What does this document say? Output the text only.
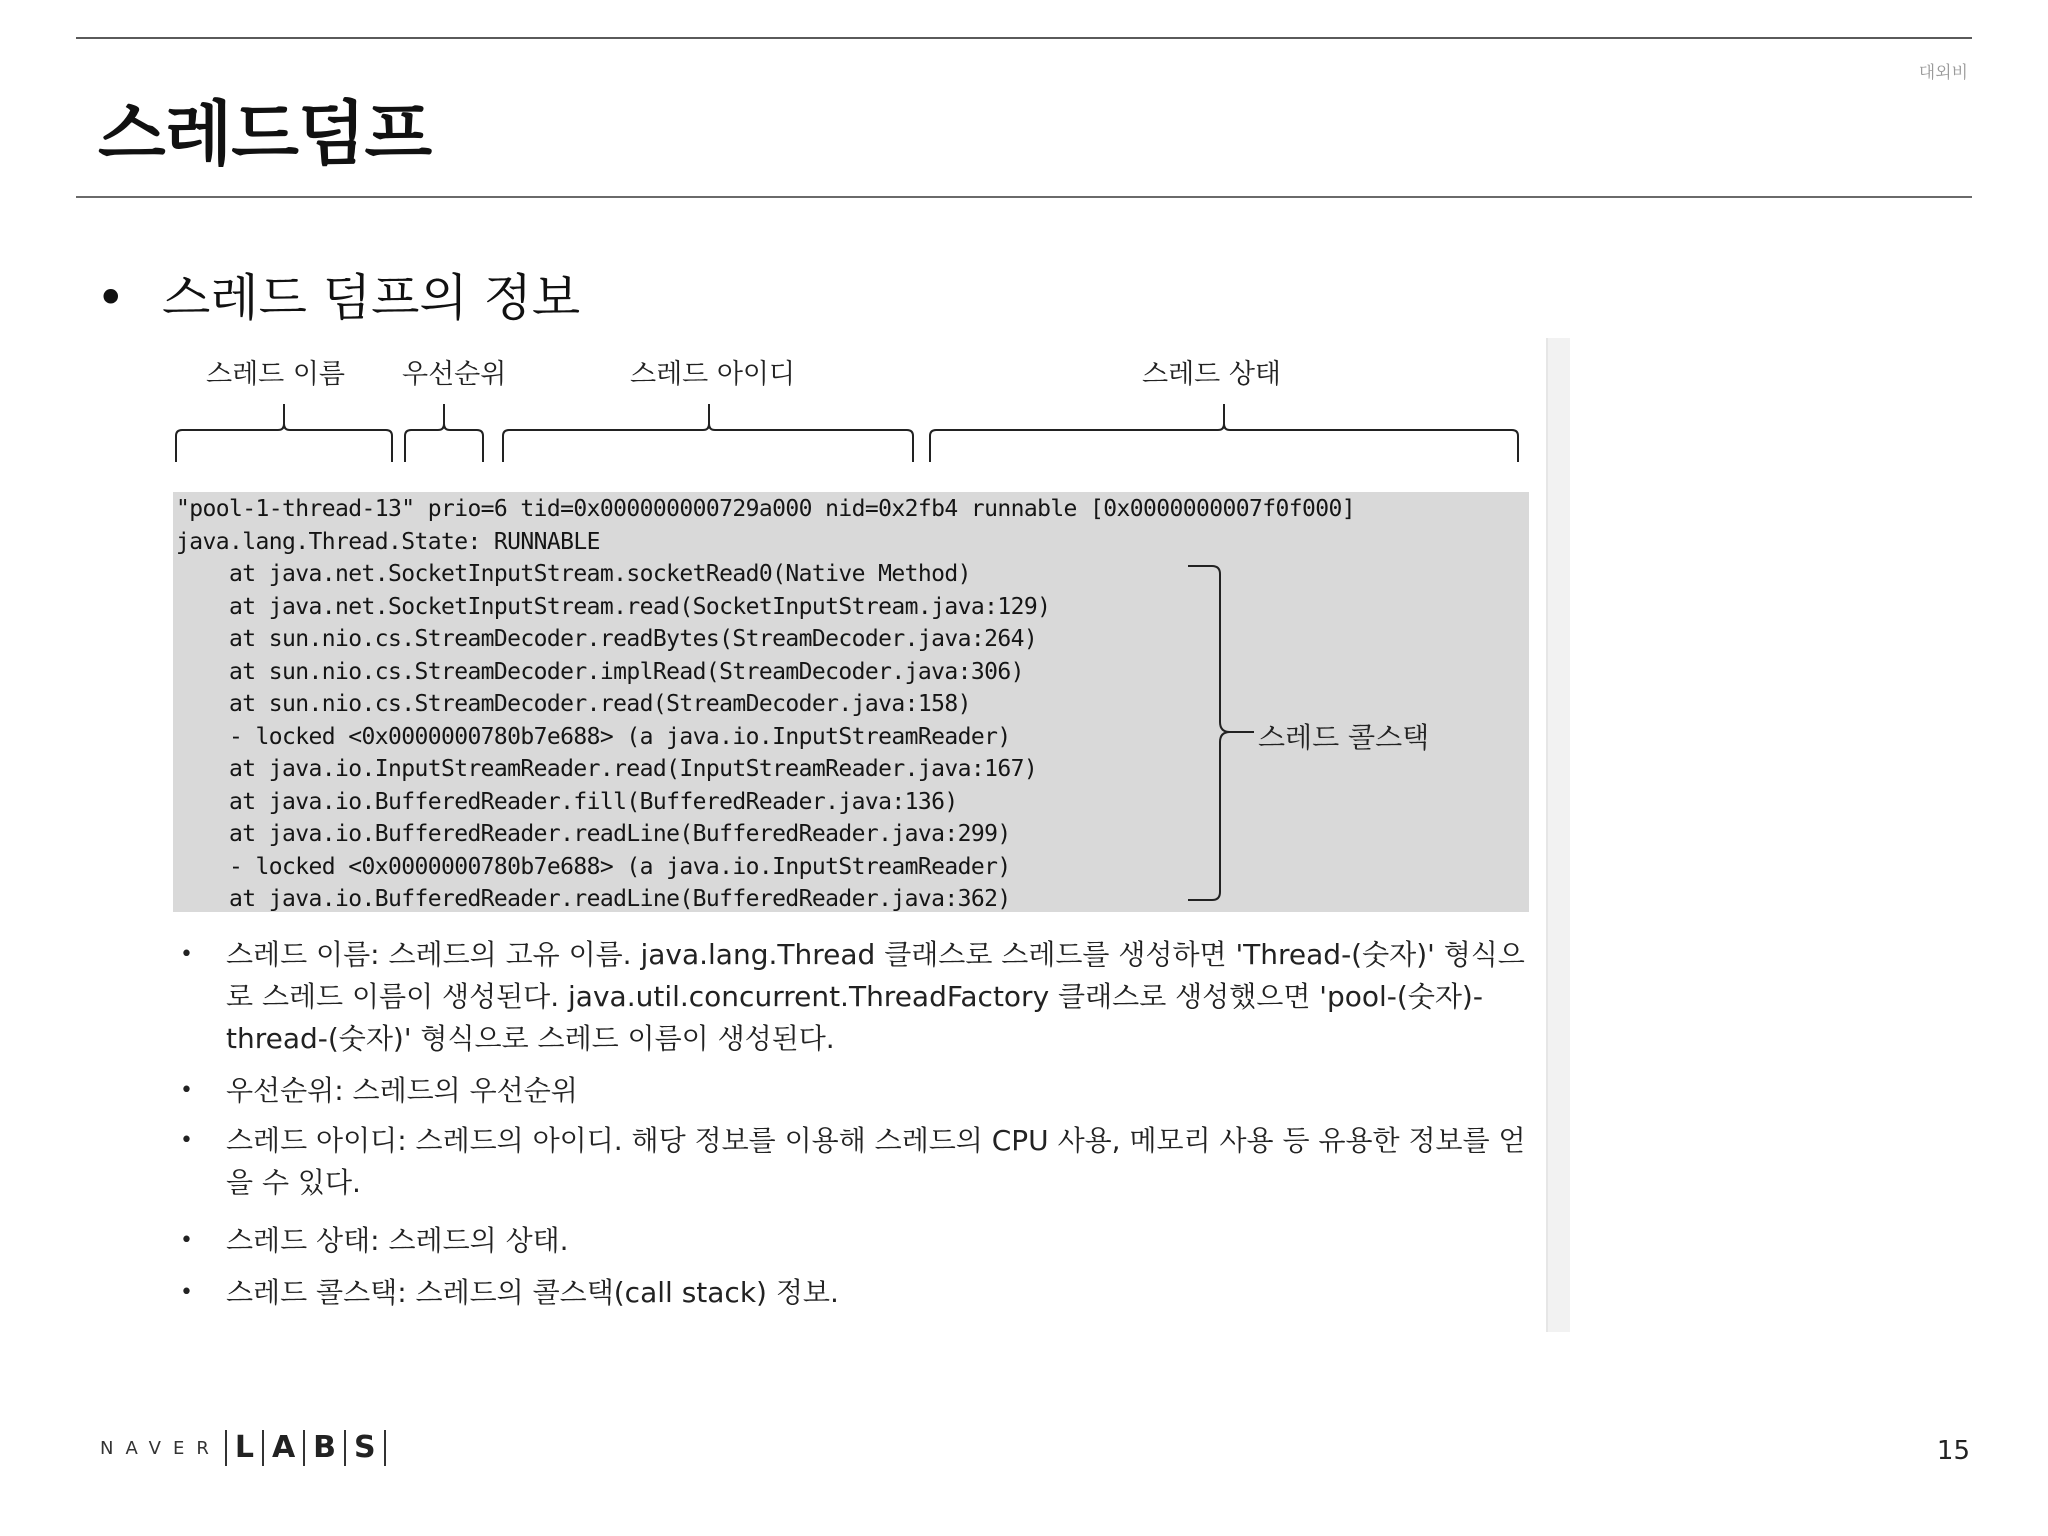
대외비
스레드덤프
• 스레드 덤프의 정보
스레드 이름 우선순위	스레드 아이디	스레드 상태
"pool-1-thread-13" prio=6 tid=0x000000000729a000 nid=0x2fb4 runnable [0x0000000007f0f000]
java.lang.Thread.State: RUNNABLE
at java.net.SocketInputStream.socketRead0(Native Method)
at java.net.SocketInputStream.read(SocketInputStream.java:129)
at sun.nio.cs.StreamDecoder.readBytes(StreamDecoder.java:264)
at sun.nio.cs.StreamDecoder.implRead(StreamDecoder.java:306)
at sun.nio.cs.StreamDecoder.read(StreamDecoder.java:158)
- locked <0x0000000780b7e688> (a java.io.InputStreamReader)
at java.io.InputStreamReader.read(InputStreamReader.java:167)
at java.io.BufferedReader.fill(BufferedReader.java:136)
at java.io.BufferedReader.readLine(BufferedReader.java:299)
- locked <0x0000000780b7e688> (a java.io.InputStreamReader)
at java.io.BufferedReader.readLine(BufferedReader.java:362)
스레드 콜스택
• 스레드 이름: 스레드의 고유 이름. java.lang.Thread 클래스로 스레드를 생성하면 'Thread-(숫자)' 형식으로 스레드 이름이 생성된다. java.util.concurrent.ThreadFactory 클래스로 생성했으면 'pool-(숫자)-thread-(숫자)' 형식으로 스레드 이름이 생성된다.
• 우선순위: 스레드의 우선순위
• 스레드 아이디: 스레드의 아이디. 해당 정보를 이용해 스레드의 CPU 사용, 메모리 사용 등 유용한 정보를 얻을 수 있다.
• 스레드 상태: 스레드의 상태.
• 스레드 콜스택: 스레드의 콜스택(call stack) 정보.
NAVER L A B S	15
